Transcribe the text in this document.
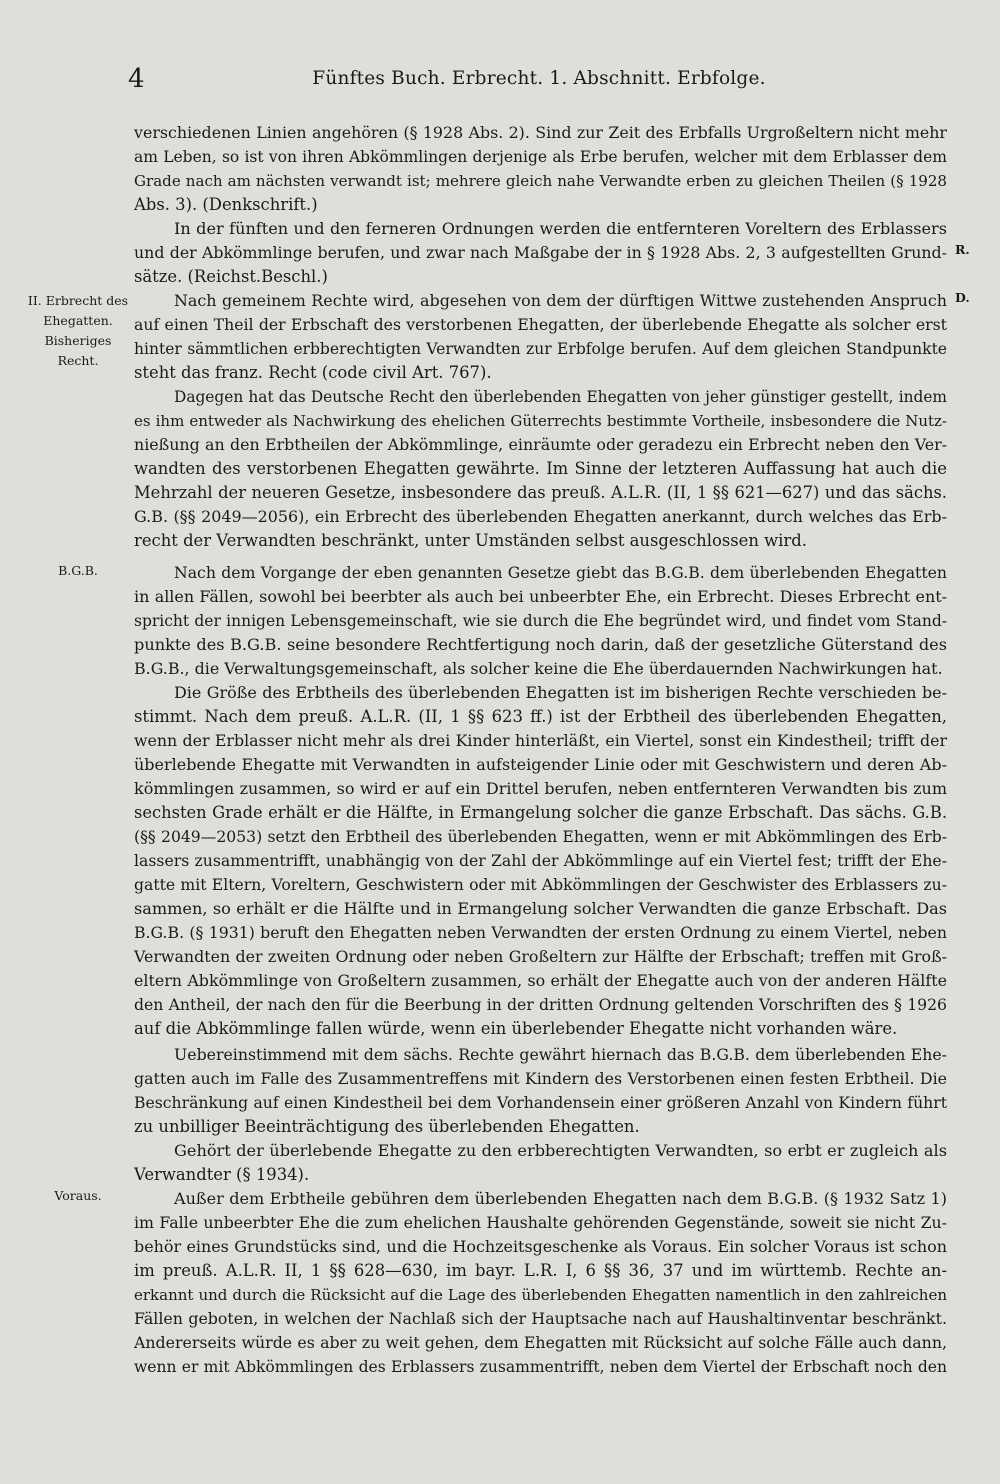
4	Fünftes Buch. Erbrecht. 1. Abschnitt. Erbfolge.
II. Erbrecht des
Ehegatten.
Bisheriges
Recht.
B.G.B.
Voraus.
R.
D.
verschiedenen Linien angehören (§ 1928 Abs. 2). Sind zur Zeit des Erbfalls Urgroßeltern nicht mehr
am Leben, so ist von ihren Abkömmlingen derjenige als Erbe berufen, welcher mit dem Erblasser dem
Grade nach am nächsten verwandt ist; mehrere gleich nahe Verwandte erben zu gleichen Theilen (§ 1928
Abs. 3). (Denkschrift.)
In der fünften und den ferneren Ordnungen werden die entfernteren Voreltern des Erblassers
und der Abkömmlinge berufen, und zwar nach Maßgabe der in § 1928 Abs. 2, 3 aufgestellten Grund-
sätze. (Reichst.Beschl.)
Nach gemeinem Rechte wird, abgesehen von dem der dürftigen Wittwe zustehenden Anspruch
auf einen Theil der Erbschaft des verstorbenen Ehegatten, der überlebende Ehegatte als solcher erst
hinter sämmtlichen erbberechtigten Verwandten zur Erbfolge berufen. Auf dem gleichen Standpunkte
steht das franz. Recht (code civil Art. 767).
Dagegen hat das Deutsche Recht den überlebenden Ehegatten von jeher günstiger gestellt, indem
es ihm entweder als Nachwirkung des ehelichen Güterrechts bestimmte Vortheile, insbesondere die Nutz-
nießung an den Erbtheilen der Abkömmlinge, einräumte oder geradezu ein Erbrecht neben den Ver-
wandten des verstorbenen Ehegatten gewährte. Im Sinne der letzteren Auffassung hat auch die
Mehrzahl der neueren Gesetze, insbesondere das preuß. A.L.R. (II, 1 §§ 621—627) und das sächs.
G.B. (§§ 2049—2056), ein Erbrecht des überlebenden Ehegatten anerkannt, durch welches das Erb-
recht der Verwandten beschränkt, unter Umständen selbst ausgeschlossen wird.
Nach dem Vorgange der eben genannten Gesetze giebt das B.G.B. dem überlebenden Ehegatten
in allen Fällen, sowohl bei beerbter als auch bei unbeerbter Ehe, ein Erbrecht. Dieses Erbrecht ent-
spricht der innigen Lebensgemeinschaft, wie sie durch die Ehe begründet wird, und findet vom Stand-
punkte des B.G.B. seine besondere Rechtfertigung noch darin, daß der gesetzliche Güterstand des
B.G.B., die Verwaltungsgemeinschaft, als solcher keine die Ehe überdauernden Nachwirkungen hat.
Die Größe des Erbtheils des überlebenden Ehegatten ist im bisherigen Rechte verschieden be-
stimmt. Nach dem preuß. A.L.R. (II, 1 §§ 623 ff.) ist der Erbtheil des überlebenden Ehegatten,
wenn der Erblasser nicht mehr als drei Kinder hinterläßt, ein Viertel, sonst ein Kindestheil; trifft der
überlebende Ehegatte mit Verwandten in aufsteigender Linie oder mit Geschwistern und deren Ab-
kömmlingen zusammen, so wird er auf ein Drittel berufen, neben entfernteren Verwandten bis zum
sechsten Grade erhält er die Hälfte, in Ermangelung solcher die ganze Erbschaft. Das sächs. G.B.
(§§ 2049—2053) setzt den Erbtheil des überlebenden Ehegatten, wenn er mit Abkömmlingen des Erb-
lassers zusammentrifft, unabhängig von der Zahl der Abkömmlinge auf ein Viertel fest; trifft der Ehe-
gatte mit Eltern, Voreltern, Geschwistern oder mit Abkömmlingen der Geschwister des Erblassers zu-
sammen, so erhält er die Hälfte und in Ermangelung solcher Verwandten die ganze Erbschaft. Das
B.G.B. (§ 1931) beruft den Ehegatten neben Verwandten der ersten Ordnung zu einem Viertel, neben
Verwandten der zweiten Ordnung oder neben Großeltern zur Hälfte der Erbschaft; treffen mit Groß-
eltern Abkömmlinge von Großeltern zusammen, so erhält der Ehegatte auch von der anderen Hälfte
den Antheil, der nach den für die Beerbung in der dritten Ordnung geltenden Vorschriften des § 1926
auf die Abkömmlinge fallen würde, wenn ein überlebender Ehegatte nicht vorhanden wäre.
Uebereinstimmend mit dem sächs. Rechte gewährt hiernach das B.G.B. dem überlebenden Ehe-
gatten auch im Falle des Zusammentreffens mit Kindern des Verstorbenen einen festen Erbtheil. Die
Beschränkung auf einen Kindestheil bei dem Vorhandensein einer größeren Anzahl von Kindern führt
zu unbilliger Beeinträchtigung des überlebenden Ehegatten.
Gehört der überlebende Ehegatte zu den erbberechtigten Verwandten, so erbt er zugleich als
Verwandter (§ 1934).
Außer dem Erbtheile gebühren dem überlebenden Ehegatten nach dem B.G.B. (§ 1932 Satz 1)
im Falle unbeerbter Ehe die zum ehelichen Haushalte gehörenden Gegenstände, soweit sie nicht Zu-
behör eines Grundstücks sind, und die Hochzeitsgeschenke als Voraus. Ein solcher Voraus ist schon
im preuß. A.L.R. II, 1 §§ 628—630, im bayr. L.R. I, 6 §§ 36, 37 und im württemb. Rechte an-
erkannt und durch die Rücksicht auf die Lage des überlebenden Ehegatten namentlich in den zahlreichen
Fällen geboten, in welchen der Nachlaß sich der Hauptsache nach auf Haushaltinventar beschränkt.
Andererseits würde es aber zu weit gehen, dem Ehegatten mit Rücksicht auf solche Fälle auch dann,
wenn er mit Abkömmlingen des Erblassers zusammentrifft, neben dem Viertel der Erbschaft noch den
